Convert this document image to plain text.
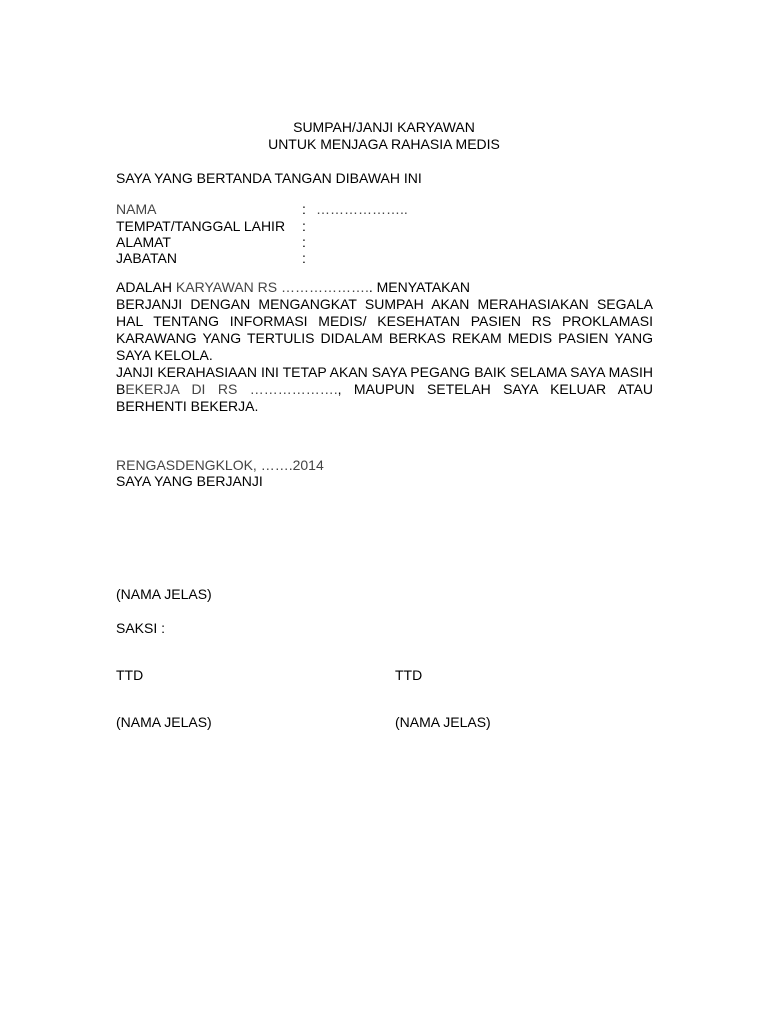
SUMPAH/JANJI KARYAWAN
UNTUK MENJAGA RAHASIA MEDIS
SAYA YANG BERTANDA TANGAN DIBAWAH INI
NAMA	: ………………..
TEMPAT/TANGGAL LAHIR :
ALAMAT	:
JABATAN	:

ADALAH KARYAWAN RS ……………….. MENYATAKAN

BERJANJI DENGAN MENGANGKAT SUMPAH AKAN MERAHASIAKAN SEGALA HAL TENTANG INFORMASI MEDIS/ KESEHATAN PASIEN RS PROKLAMASI KARAWANG YANG TERTULIS DIDALAM BERKAS REKAM MEDIS PASIEN YANG SAYA KELOLA.

JANJI KERAHASIAAN INI TETAP AKAN SAYA PEGANG BAIK SELAMA SAYA MASIH BEKERJA DI RS ………………., MAUPUN SETELAH SAYA KELUAR ATAU BERHENTI BEKERJA.

RENGASDENGKLOK, …….2014
SAYA YANG BERJANJI
(NAMA JELAS)
SAKSI :
TTD	TTD
(NAMA JELAS)	(NAMA JELAS)
